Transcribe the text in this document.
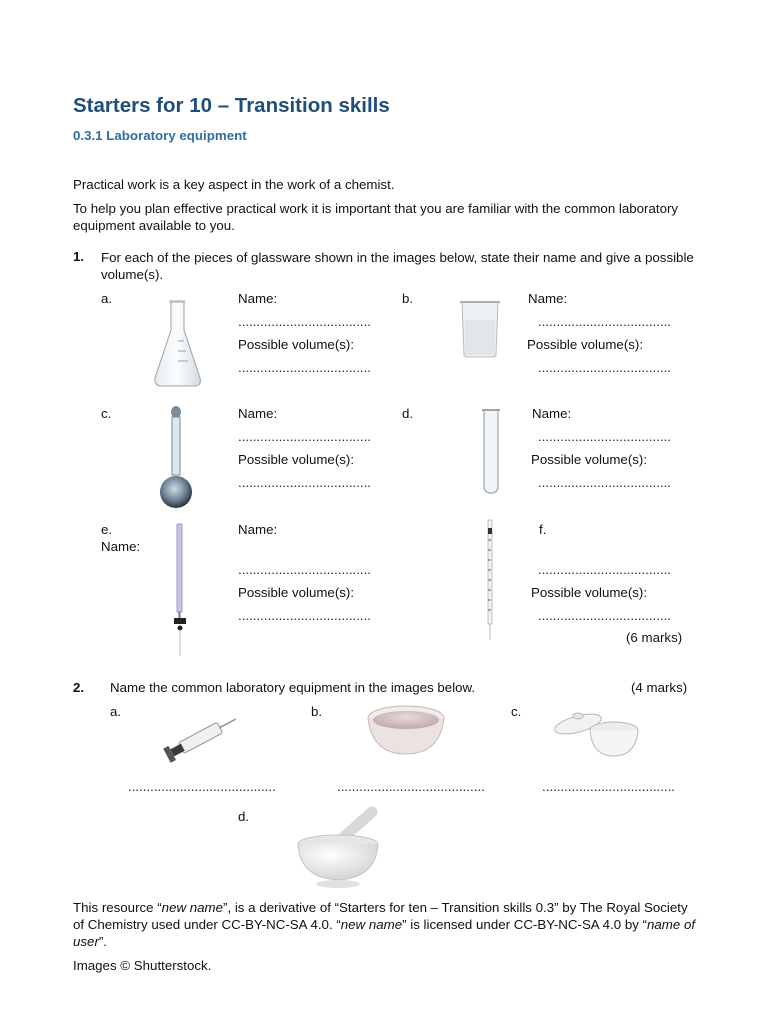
Starters for 10 – Transition skills
0.3.1 Laboratory equipment
Practical work is a key aspect in the work of a chemist.
To help you plan effective practical work it is important that you are familiar with the common laboratory equipment available to you.
1. For each of the pieces of glassware shown in the images below, state their name and give a possible volume(s).
a.	Name:
....................................
Possible volume(s):
....................................
b.	Name:
....................................
Possible volume(s):
....................................
c.	Name:
....................................
Possible volume(s):
....................................
d.	Name:
....................................
Possible volume(s):
....................................
e.
Name:
Name:
....................................
Possible volume(s):
....................................
f.
....................................
Possible volume(s):
....................................
(6 marks)
2. Name the common laboratory equipment in the images below.	(4 marks)
a.
........................................
b.
........................................
c.
....................................
d.
This resource “new name”, is a derivative of “Starters for ten – Transition skills 0.3” by The Royal Society of Chemistry used under CC-BY-NC-SA 4.0. “new name” is licensed under CC-BY-NC-SA 4.0 by “name of user”.
Images © Shutterstock.
